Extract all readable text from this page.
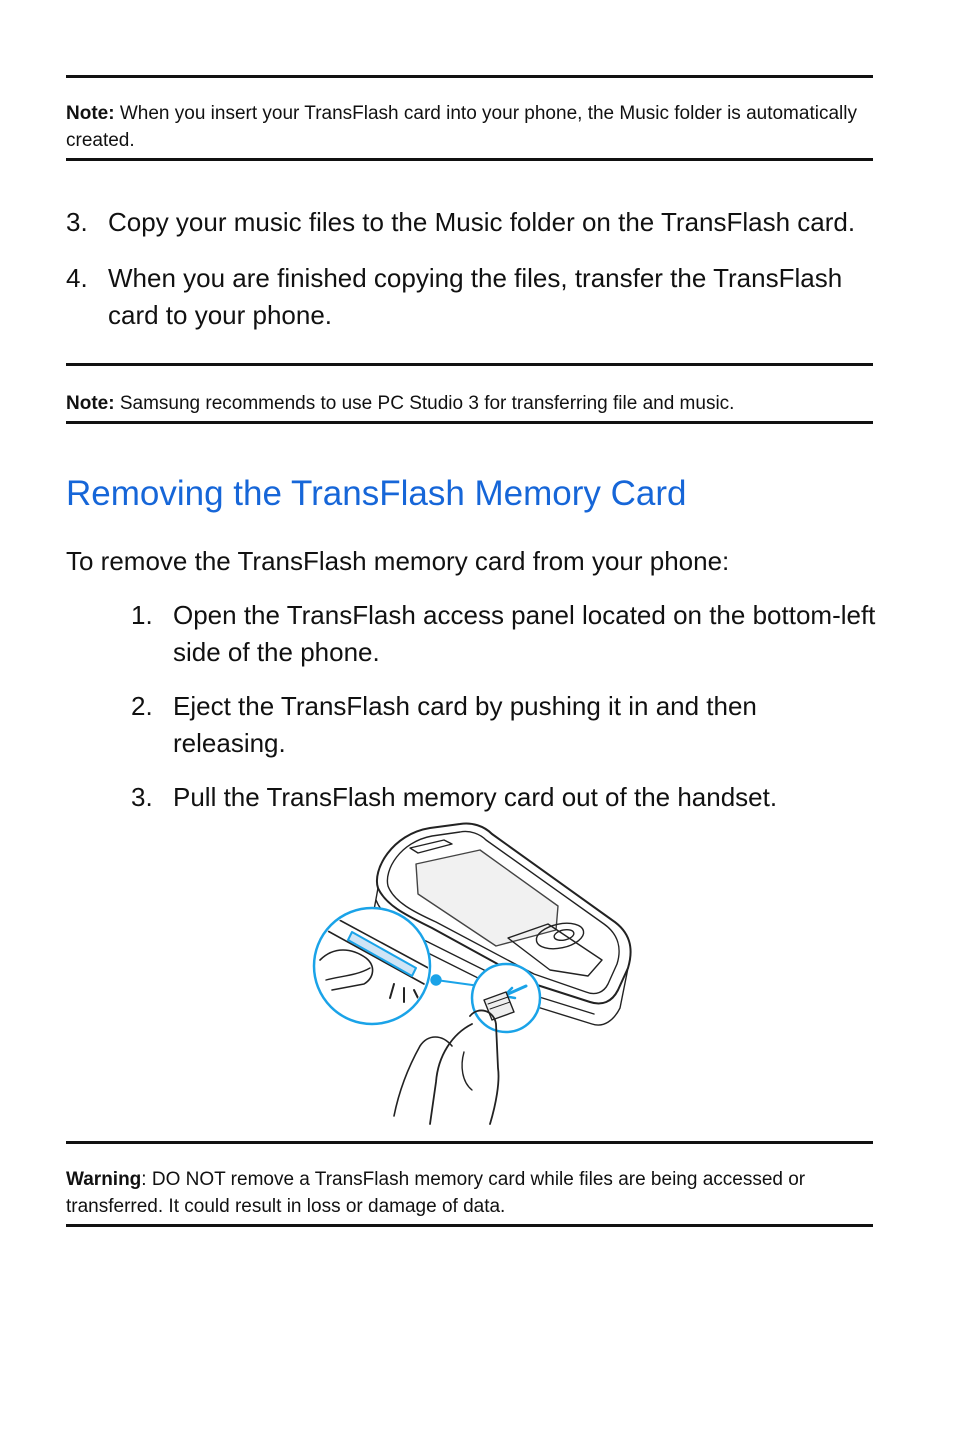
Note: When you insert your TransFlash card into your phone, the Music folder is automatically created.
3. Copy your music files to the Music folder on the TransFlash card.
4. When you are finished copying the files, transfer the TransFlash card to your phone.
Note: Samsung recommends to use PC Studio 3 for transferring file and music.
Removing the TransFlash Memory Card
To remove the TransFlash memory card from your phone:
1. Open the TransFlash access panel located on the bottom-left side of the phone.
2. Eject the TransFlash card by pushing it in and then releasing.
3. Pull the TransFlash memory card out of the handset.
Warning: DO NOT remove a TransFlash memory card while files are being accessed or transferred. It could result in loss or damage of data.
